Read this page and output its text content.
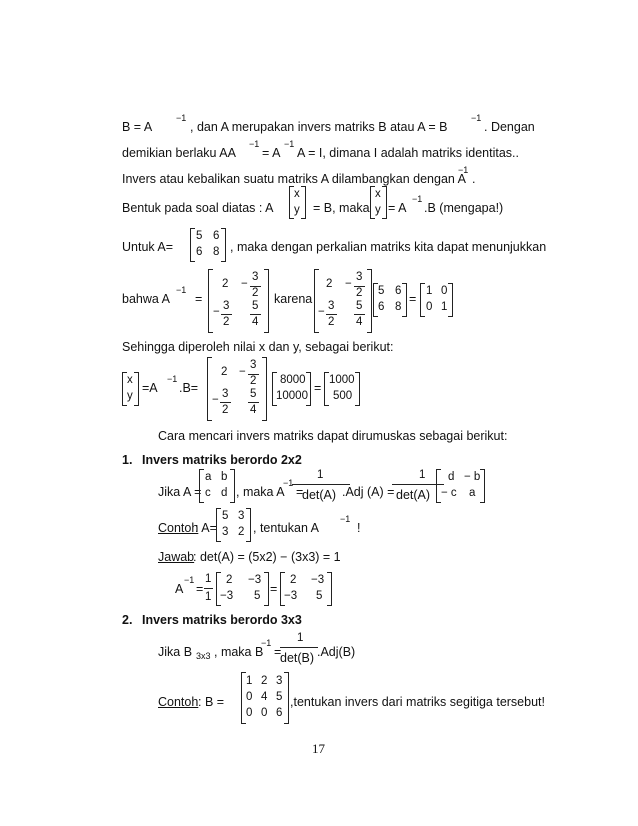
B = A
−1
, dan A merupakan invers matriks B atau A = B
−1
. Dengan
demikian berlaku AA
−1
= A
−1
A = I, dimana I adalah matriks identitas..
Invers atau kebalikan suatu matriks A dilambangkan dengan A
−1
.
Bentuk pada soal diatas : A
x
y = B, maka
x
y = A
−1
.B (mengapa!)
Untuk A=
5 6
6 8 , maka dengan perkalian matriks kita dapat menunjukkan
bahwa A
−1
=
2 −
3
2
− 3
2
5
4
karena
2 −
3
2
− 3
2
5
4
5 6
6 8
=
1 0
0 1
Sehingga diperoleh nilai x dan y, sebagai berikut:
x
y
=A
−1
.B=
2 −
3
2
− 3
2
5
4
8000
10000
=
1000
500
Cara mencari invers matriks dapat dirumuskas sebagai berikut:
1. Invers matriks berordo 2x2
Jika A =
a b
c d , maka A
−1
=
1
det(A) .Adj (A) =
1
det(A)
d − b
− c a
Contoh
: A=
5 3
3 2 , tentukan A
−1
!
Jawab
: det(A) = (5x2) − (3x3) = 1
A
−1
=
1
1
2 −3
−3 5 =
2 −3
−3 5
2. Invers matriks berordo 3x3
Jika B 3x3 , maka B
−1
=
1
det(B) .Adj(B)
Contoh : B =
1 2 3
0 4 5
0 0 6
,tentukan invers dari matriks segitiga tersebut!
17
